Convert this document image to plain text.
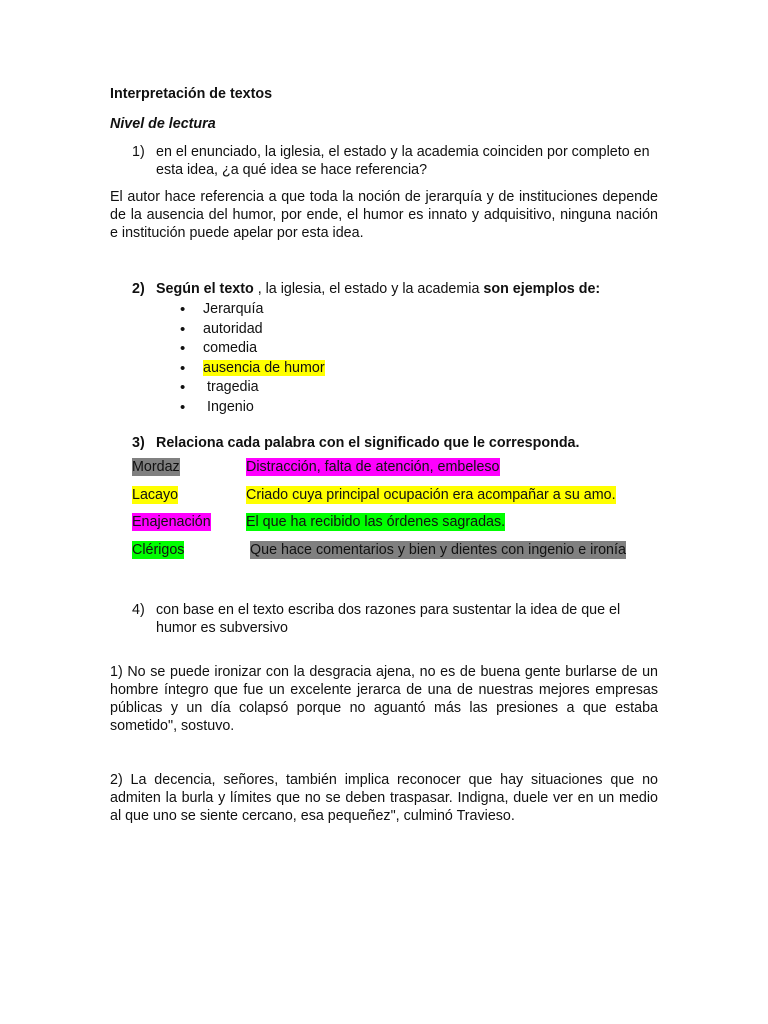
Interpretación de textos

Nivel de lectura

1) en el enunciado, la iglesia, el estado y la academia coinciden por completo en esta idea, ¿a qué idea se hace referencia?

El autor hace referencia a que toda la noción de jerarquía y de instituciones depende de la ausencia del humor, por ende, el humor es innato y adquisitivo, ninguna nación e institución puede apelar por esta idea.

2) Según el texto , la iglesia, el estado y la academia son ejemplos de:
• Jerarquía
• autoridad
• comedia
• ausencia de humor
• tragedia
• Ingenio
3) Relaciona cada palabra con el significado que le corresponda.
Mordaz	Distracción, falta de atención, embeleso
Lacayo	Criado cuya principal ocupación era acompañar a su amo.
Enajenación El que ha recibido las órdenes sagradas.
Clérigos	Que hace comentarios y bien y dientes con ingenio e ironía
4) con base en el texto escriba dos razones para sustentar la idea de que el humor es subversivo

1) No se puede ironizar con la desgracia ajena, no es de buena gente burlarse de un hombre íntegro que fue un excelente jerarca de una de nuestras mejores empresas públicas y un día colapsó porque no aguantó más las presiones a que estaba sometido", sostuvo.

2) La decencia, señores, también implica reconocer que hay situaciones que no admiten la burla y límites que no se deben traspasar. Indigna, duele ver en un medio al que uno se siente cercano, esa pequeñez", culminó Travieso.
